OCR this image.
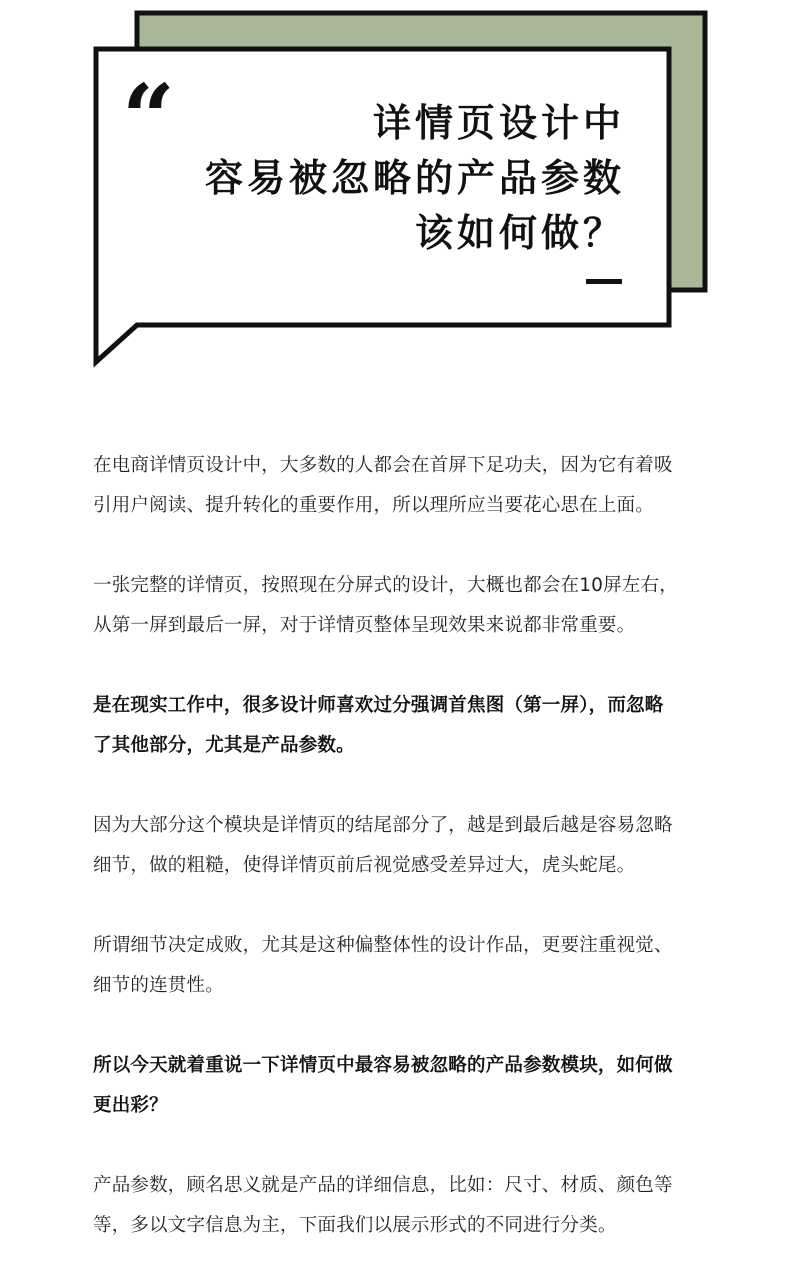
“	详情页设计中
容易被忽略的产品参数
该如何做？

在电商详情页设计中，大多数的人都会在首屏下足功夫，因为它有着吸
引用户阅读、提升转化的重要作用，所以理所应当要花心思在上面。

一张完整的详情页，按照现在分屏式的设计，大概也都会在10屏左右，
从第一屏到最后一屏，对于详情页整体呈现效果来说都非常重要。

是在现实工作中，很多设计师喜欢过分强调首焦图（第一屏），而忽略
了其他部分，尤其是产品参数。

因为大部分这个模块是详情页的结尾部分了，越是到最后越是容易忽略
细节，做的粗糙，使得详情页前后视觉感受差异过大，虎头蛇尾。

所谓细节决定成败，尤其是这种偏整体性的设计作品，更要注重视觉、
细节的连贯性。

所以今天就着重说一下详情页中最容易被忽略的产品参数模块，如何做
更出彩？

产品参数，顾名思义就是产品的详细信息，比如：尺寸、材质、颜色等
等，多以文字信息为主，下面我们以展示形式的不同进行分类。
